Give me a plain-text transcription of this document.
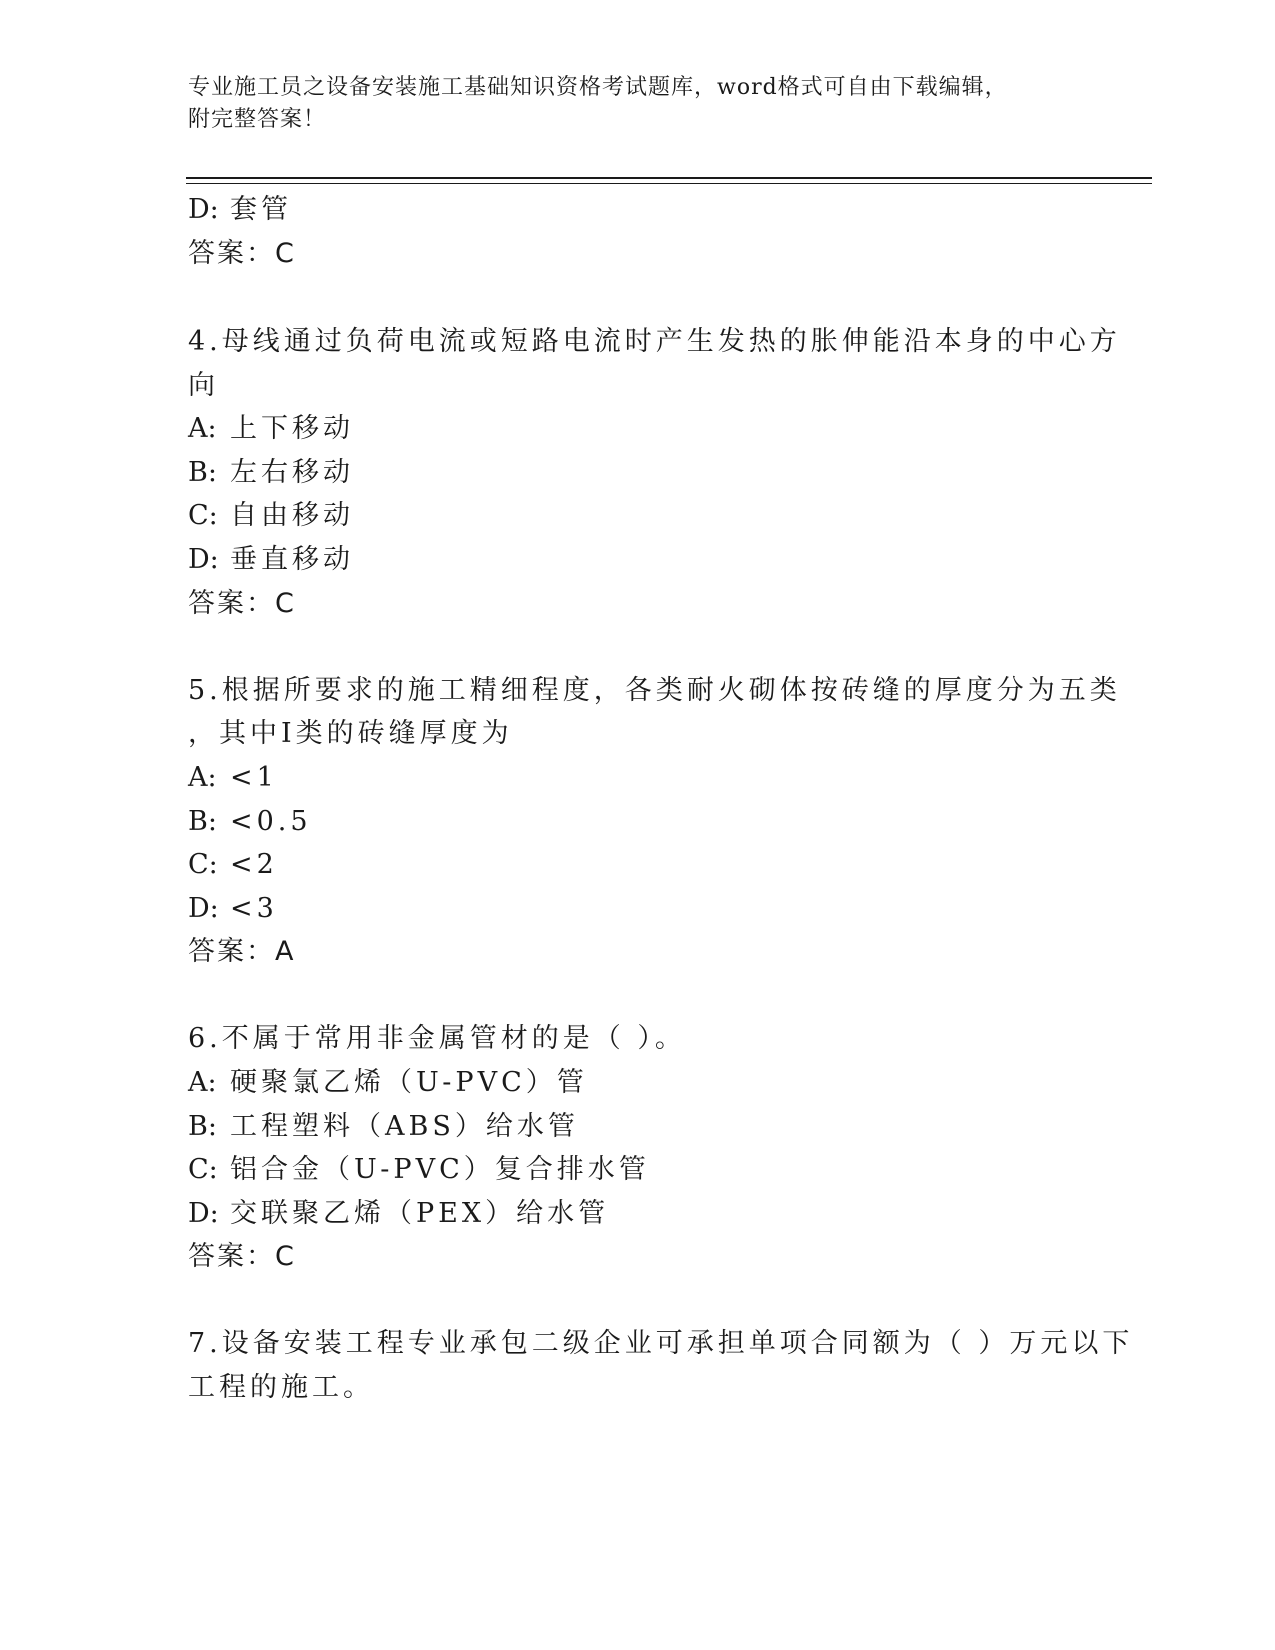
专业施工员之设备安装施工基础知识资格考试题库，word格式可自由下载编辑，
附完整答案！
D: 套管
答案：C
4.母线通过负荷电流或短路电流时产生发热的胀伸能沿本身的中心方
向
A: 上下移动
B: 左右移动
C: 自由移动
D: 垂直移动
答案：C
5.根据所要求的施工精细程度，各类耐火砌体按砖缝的厚度分为五类
，其中Ⅰ类的砖缝厚度为
A: <1
B: <0.5
C: <2
D: <3
答案：A
6.不属于常用非金属管材的是（ ）。
A: 硬聚氯乙烯（U-PVC）管
B: 工程塑料（ABS）给水管
C: 铝合金（U-PVC）复合排水管
D: 交联聚乙烯（PEX）给水管
答案：C
7.设备安装工程专业承包二级企业可承担单项合同额为（ ）万元以下
工程的施工。
